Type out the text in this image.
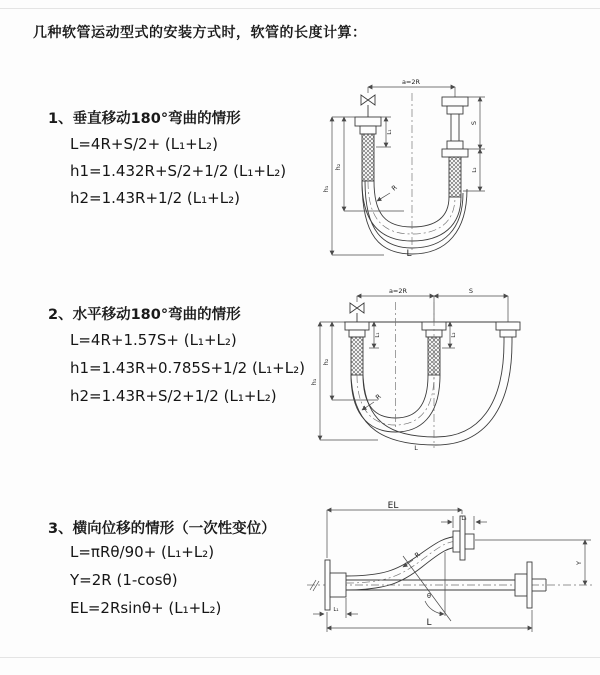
几种软管运动型式的安装方式时，软管的长度计算：
1、垂直移动180°弯曲的情形
L=4R+S/2+ (L₁+L₂)
h1=1.432R+S/2+1/2 (L₁+L₂)
h2=1.43R+1/2 (L₁+L₂)
2、水平移动180°弯曲的情形
L=4R+1.57S+ (L₁+L₂)
h1=1.43R+0.785S+1/2 (L₁+L₂)
h2=1.43R+S/2+1/2 (L₁+L₂)
3、横向位移的情形（一次性变位）
L=πRθ/90+ (L₁+L₂)
Y=2R (1-cosθ)
EL=2Rsinθ+ (L₁+L₂)
a=2R
h₁
h₂
L₁
S
L₂
R
L
a=2R	S
h₁
h₂
L₁	L₂
R
L
EL
L₂
Y
L
L₁
R
θ
